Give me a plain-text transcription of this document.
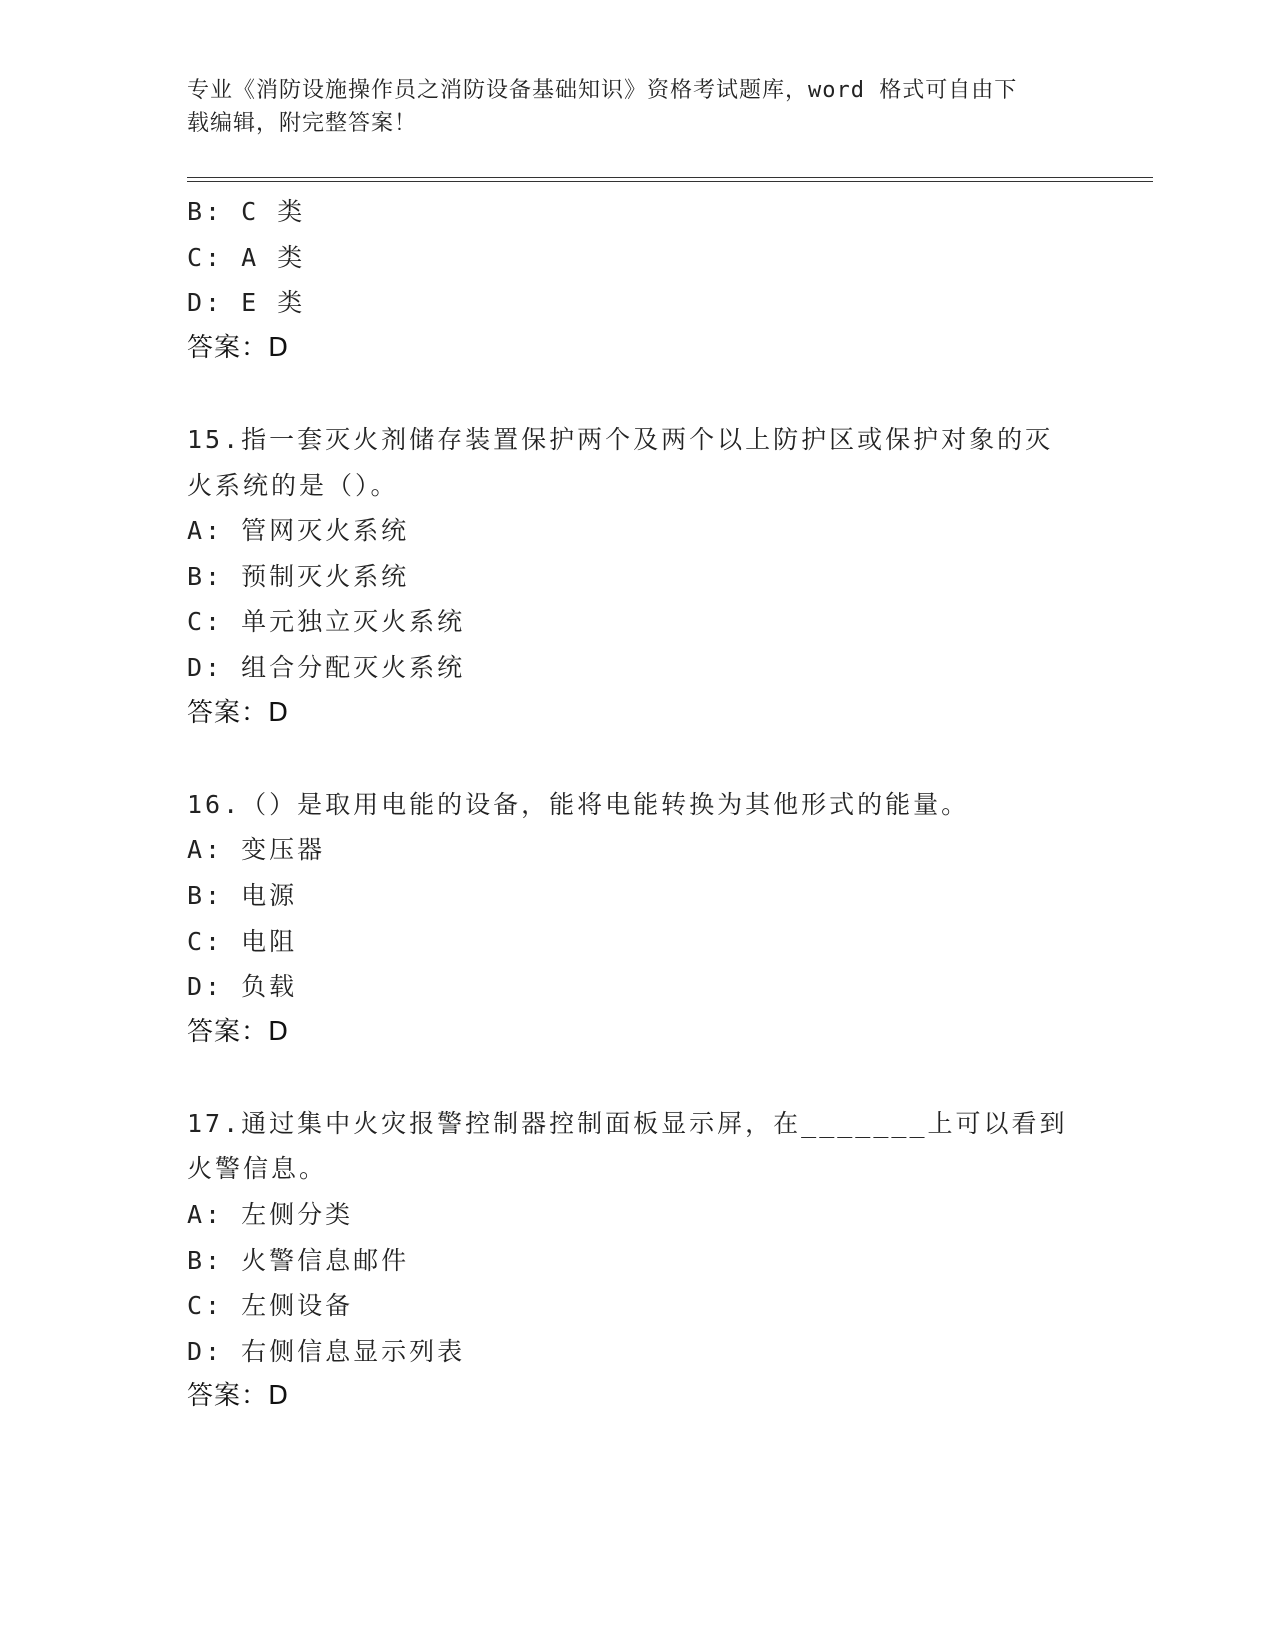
专业《消防设施操作员之消防设备基础知识》资格考试题库，word 格式可自由下
载编辑，附完整答案！
B: C 类
C: A 类
D: E 类
答案：D
15.指一套灭火剂储存装置保护两个及两个以上防护区或保护对象的灭
火系统的是（）。
A: 管网灭火系统
B: 预制灭火系统
C: 单元独立灭火系统
D: 组合分配灭火系统
答案：D
16.（）是取用电能的设备，能将电能转换为其他形式的能量。
A: 变压器
B: 电源
C: 电阻
D: 负载
答案：D
17.通过集中火灾报警控制器控制面板显示屏，在_______上可以看到
火警信息。
A: 左侧分类
B: 火警信息邮件
C: 左侧设备
D: 右侧信息显示列表
答案：D
